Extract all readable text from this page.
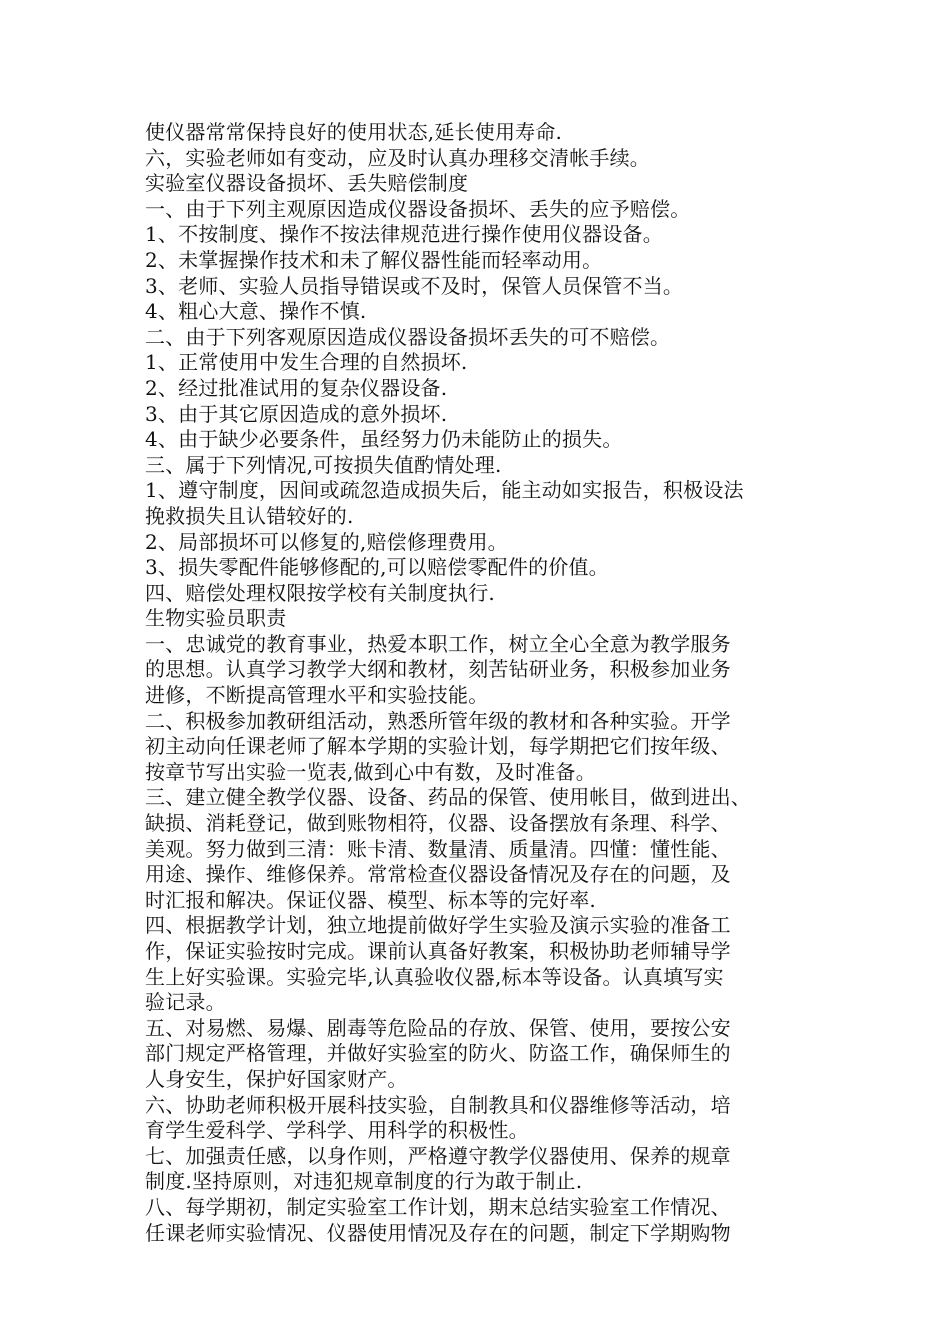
使仪器常常保持良好的使用状态,延长使用寿命.
六，实验老师如有变动，应及时认真办理移交清帐手续。
实验室仪器设备损坏、丢失赔偿制度
一、由于下列主观原因造成仪器设备损坏、丢失的应予赔偿。
1、不按制度、操作不按法律规范进行操作使用仪器设备。
2、未掌握操作技术和未了解仪器性能而轻率动用。
3、老师、实验人员指导错误或不及时，保管人员保管不当。
4、粗心大意、操作不慎.
二、由于下列客观原因造成仪器设备损坏丢失的可不赔偿。
1、正常使用中发生合理的自然损坏.
2、经过批准试用的复杂仪器设备.
3、由于其它原因造成的意外损坏.
4、由于缺少必要条件，虽经努力仍未能防止的损失。
三、属于下列情况,可按损失值酌情处理.
1、遵守制度，因间或疏忽造成损失后，能主动如实报告，积极设法
挽救损失且认错较好的.
2、局部损坏可以修复的,赔偿修理费用。
3、损失零配件能够修配的,可以赔偿零配件的价值。
四、赔偿处理权限按学校有关制度执行.
生物实验员职责
一、忠诚党的教育事业，热爱本职工作，树立全心全意为教学服务
的思想。认真学习教学大纲和教材，刻苦钻研业务，积极参加业务
进修，不断提高管理水平和实验技能。
二、积极参加教研组活动，熟悉所管年级的教材和各种实验。开学
初主动向任课老师了解本学期的实验计划，每学期把它们按年级、
按章节写出实验一览表,做到心中有数，及时准备。
三、建立健全教学仪器、设备、药品的保管、使用帐目，做到进出、
缺损、消耗登记，做到账物相符，仪器、设备摆放有条理、科学、
美观。努力做到三清：账卡清、数量清、质量清。四懂：懂性能、
用途、操作、维修保养。常常检查仪器设备情况及存在的问题，及
时汇报和解决。保证仪器、模型、标本等的完好率.
四、根据教学计划，独立地提前做好学生实验及演示实验的准备工
作，保证实验按时完成。课前认真备好教案，积极协助老师辅导学
生上好实验课。实验完毕,认真验收仪器,标本等设备。认真填写实
验记录。
五、对易燃、易爆、剧毒等危险品的存放、保管、使用，要按公安
部门规定严格管理，并做好实验室的防火、防盗工作，确保师生的
人身安生，保护好国家财产。
六、协助老师积极开展科技实验，自制教具和仪器维修等活动，培
育学生爱科学、学科学、用科学的积极性。
七、加强责任感，以身作则，严格遵守教学仪器使用、保养的规章
制度.坚持原则，对违犯规章制度的行为敢于制止.
八、每学期初，制定实验室工作计划，期末总结实验室工作情况、
任课老师实验情况、仪器使用情况及存在的问题，制定下学期购物
